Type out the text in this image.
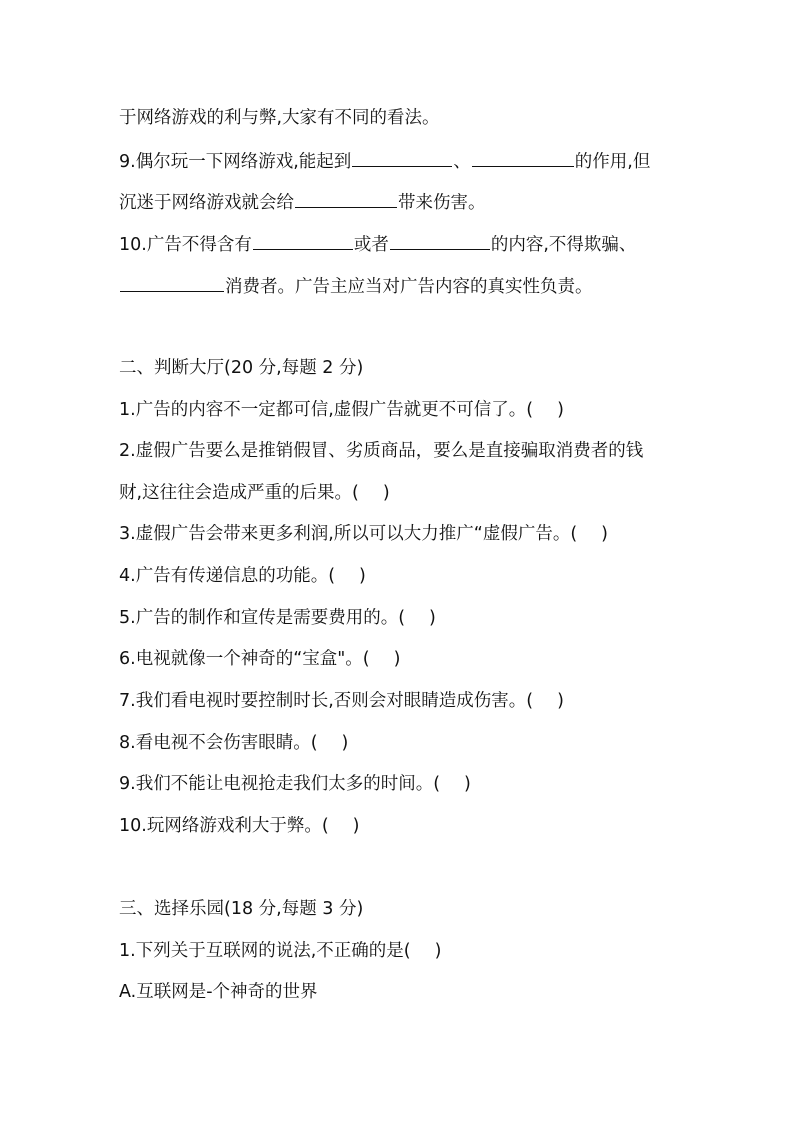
于网络游戏的利与弊,大家有不同的看法。
9.偶尔玩一下网络游戏,能起到	、	的作用,但
沉迷于网络游戏就会给	带来伤害。
10.广告不得含有	或者	的内容,不得欺骗、
消费者。广告主应当对广告内容的真实性负责。
二、判断大厅(20 分,每题 2 分)
1.广告的内容不一定都可信,虚假广告就更不可信了。( )
2.虚假广告要么是推销假冒、劣质商品，要么是直接骗取消费者的钱
财,这往往会造成严重的后果。( )
3.虚假广告会带来更多利润,所以可以大力推广“虚假广告。( )
4.广告有传递信息的功能。( )
5.广告的制作和宣传是需要费用的。( )
6.电视就像一个神奇的“宝盒"。( )
7.我们看电视时要控制时长,否则会对眼睛造成伤害。( )
8.看电视不会伤害眼睛。( )
9.我们不能让电视抢走我们太多的时间。( )
10.玩网络游戏利大于弊。( )
三、选择乐园(18 分,每题 3 分)
1.下列关于互联网的说法,不正确的是( )
A.互联网是-个神奇的世界
